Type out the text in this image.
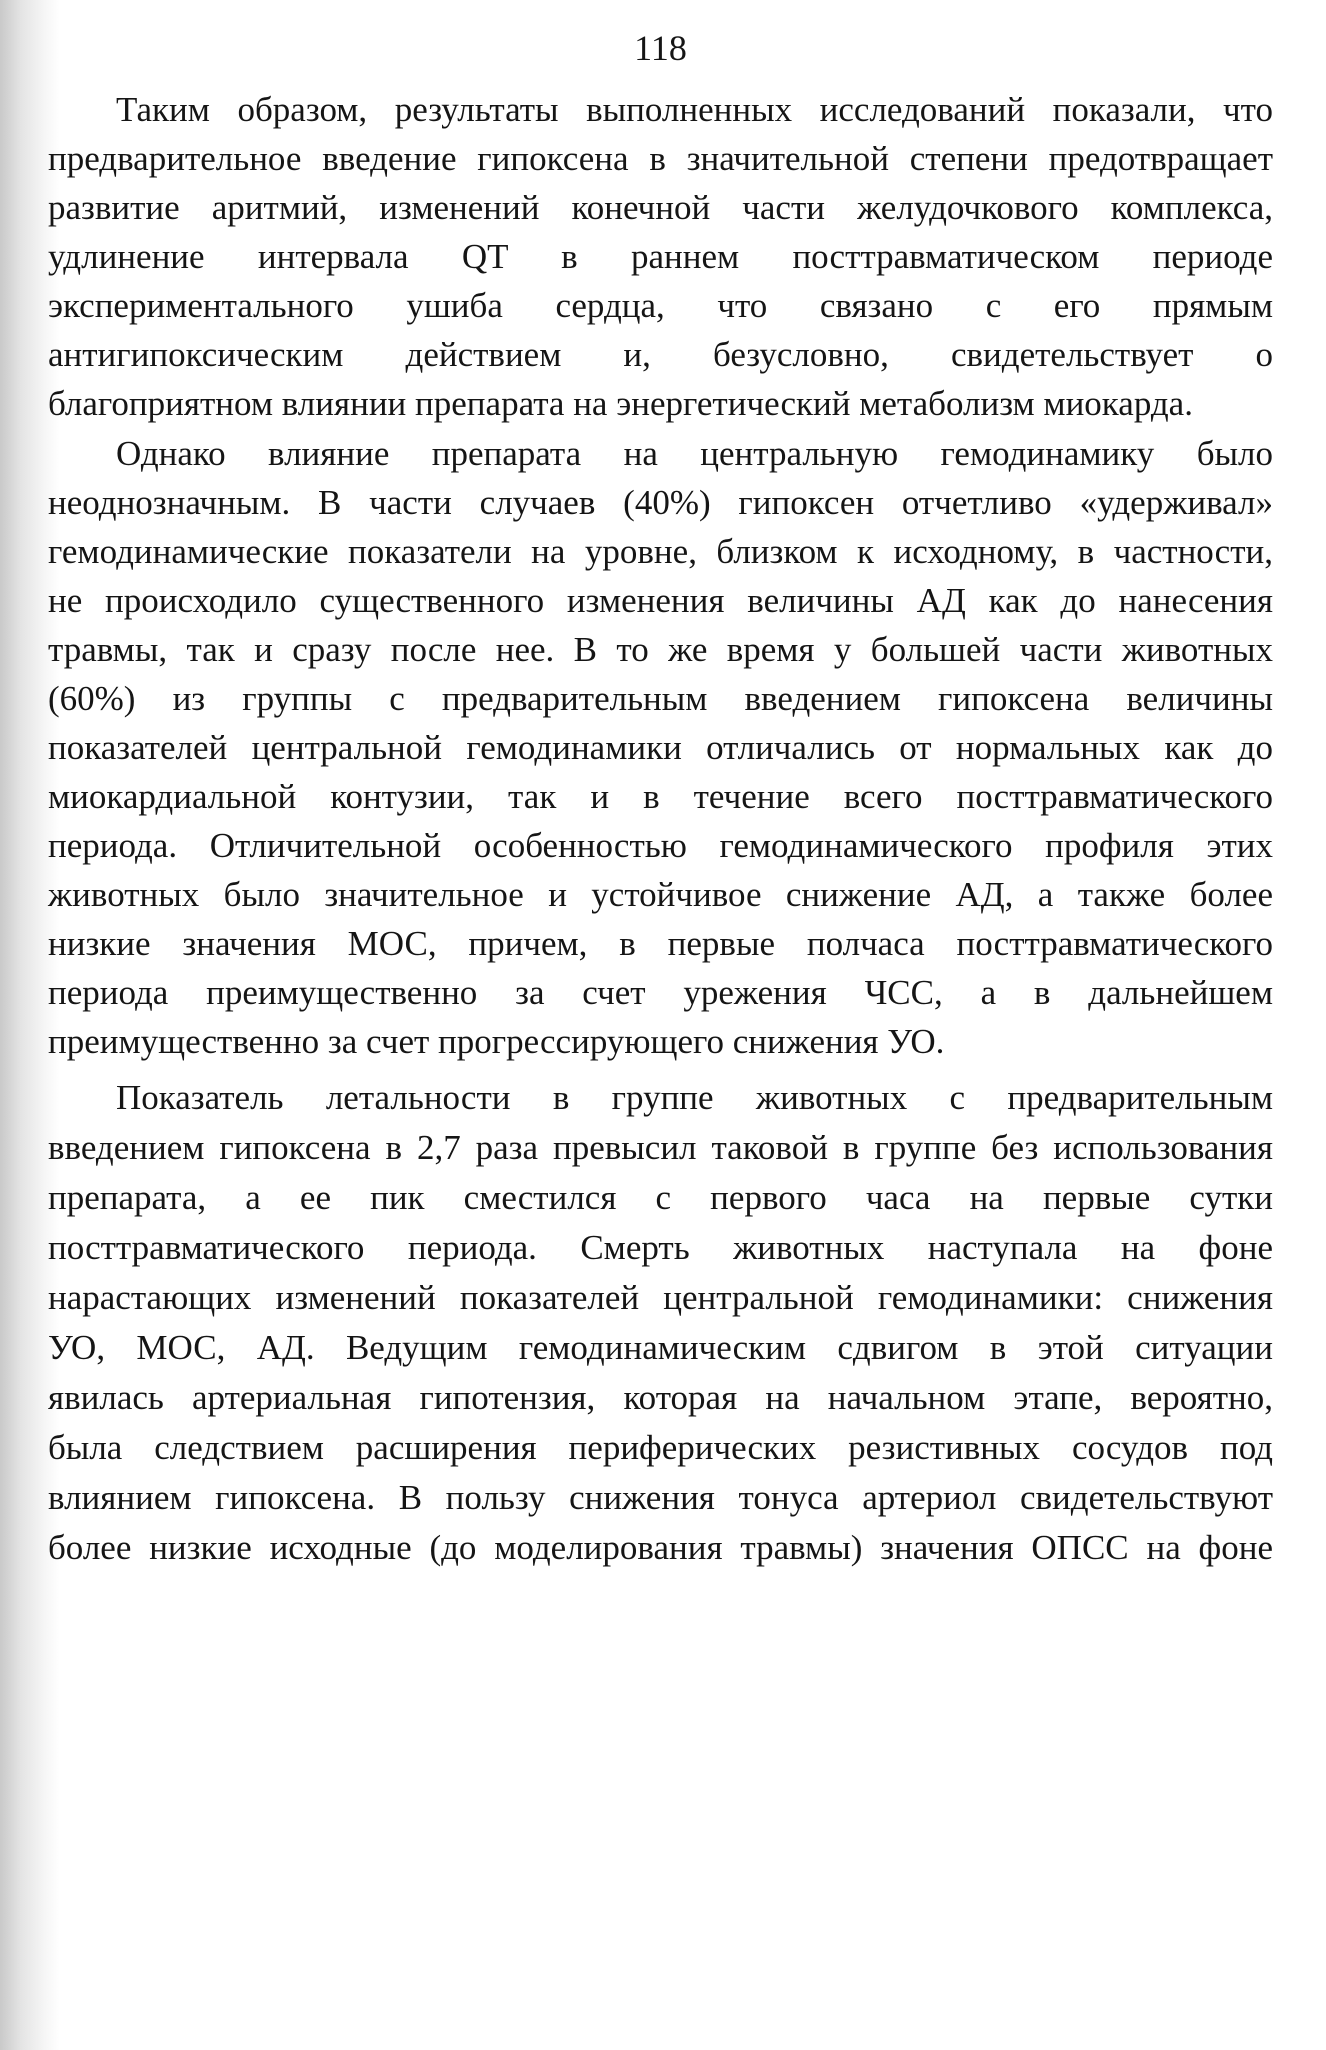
118
Таким образом, результаты выполненных исследований показали, что
предварительное введение гипоксена в значительной степени предотвращает
развитие аритмий, изменений конечной части желудочкового комплекса,
удлинение интервала QT в раннем посттравматическом периоде
экспериментального ушиба сердца, что связано с его прямым
антигипоксическим действием и, безусловно, свидетельствует о
благоприятном влиянии препарата на энергетический метаболизм миокарда.
Однако влияние препарата на центральную гемодинамику было
неоднозначным. В части случаев (40%) гипоксен отчетливо «удерживал»
гемодинамические показатели на уровне, близком к исходному, в частности,
не происходило существенного изменения величины АД как до нанесения
травмы, так и сразу после нее. В то же время у большей части животных
(60%) из группы с предварительным введением гипоксена величины
показателей центральной гемодинамики отличались от нормальных как до
миокардиальной контузии, так и в течение всего посттравматического
периода. Отличительной особенностью гемодинамического профиля этих
животных было значительное и устойчивое снижение АД, а также более
низкие значения МОС, причем, в первые полчаса посттравматического
периода преимущественно за счет урежения ЧСС, а в дальнейшем
преимущественно за счет прогрессирующего снижения УО.
Показатель летальности в группе животных с предварительным
введением гипоксена в 2,7 раза превысил таковой в группе без использования
препарата, а ее пик сместился с первого часа на первые сутки
посттравматического периода. Смерть животных наступала на фоне
нарастающих изменений показателей центральной гемодинамики: снижения
УО, МОС, АД. Ведущим гемодинамическим сдвигом в этой ситуации
явилась артериальная гипотензия, которая на начальном этапе, вероятно,
была следствием расширения периферических резистивных сосудов под
влиянием гипоксена. В пользу снижения тонуса артериол свидетельствуют
более низкие исходные (до моделирования травмы) значения ОПСС на фоне
